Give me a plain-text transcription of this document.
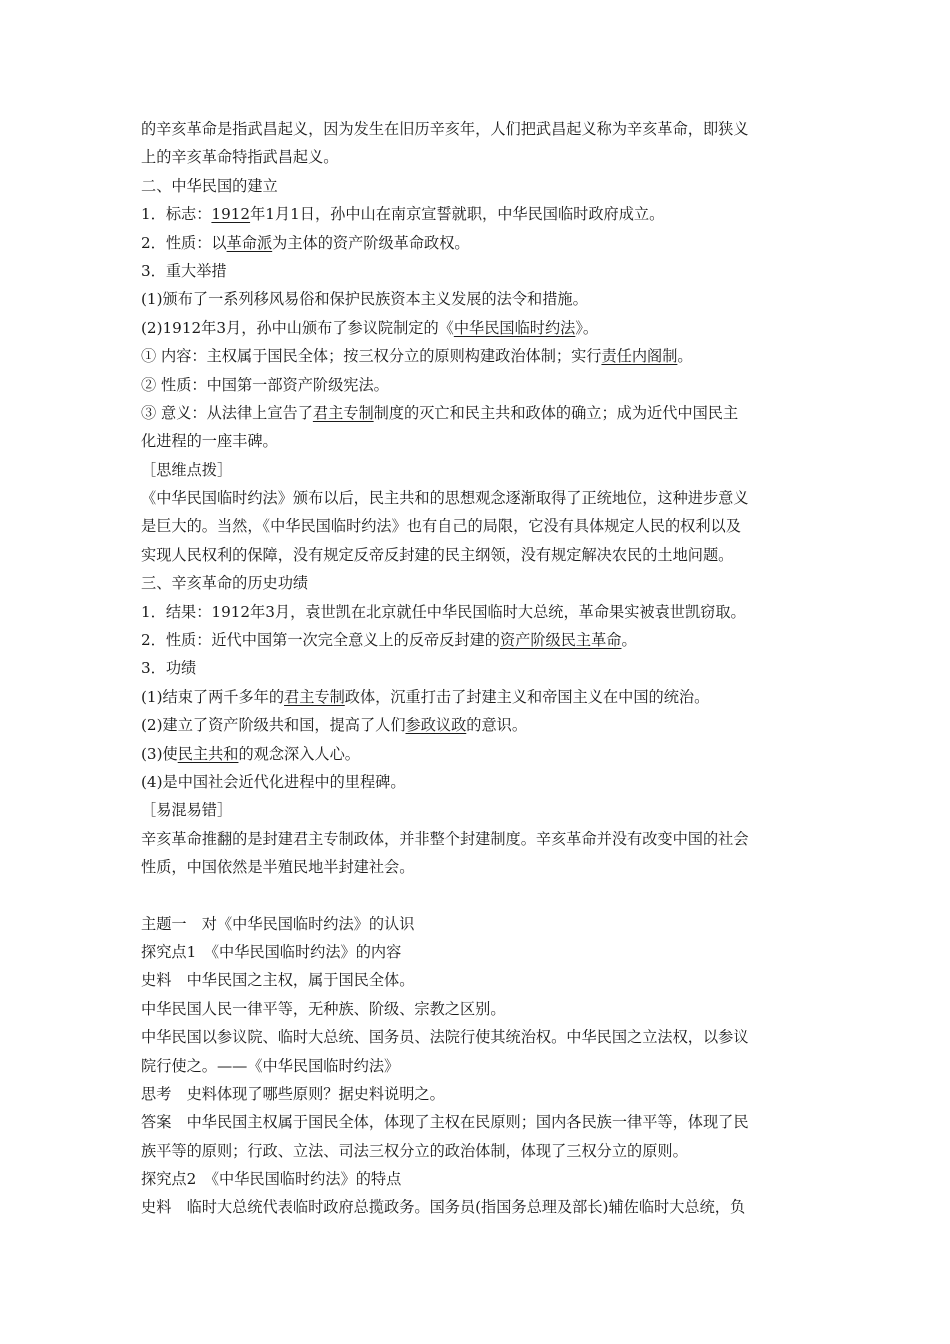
的辛亥革命是指武昌起义，因为发生在旧历辛亥年，人们把武昌起义称为辛亥革命，即狭义
上的辛亥革命特指武昌起义。
二、中华民国的建立
1．标志：1912年1月1日，孙中山在南京宣誓就职，中华民国临时政府成立。
2．性质：以革命派为主体的资产阶级革命政权。
3．重大举措
(1)颁布了一系列移风易俗和保护民族资本主义发展的法令和措施。
(2)1912年3月，孙中山颁布了参议院制定的《中华民国临时约法》。
① 内容：主权属于国民全体；按三权分立的原则构建政治体制；实行责任内阁制。
② 性质：中国第一部资产阶级宪法。
③ 意义：从法律上宣告了君主专制制度的灭亡和民主共和政体的确立；成为近代中国民主
化进程的一座丰碑。
［思维点拨］
《中华民国临时约法》颁布以后，民主共和的思想观念逐渐取得了正统地位，这种进步意义
是巨大的。当然，《中华民国临时约法》也有自己的局限，它没有具体规定人民的权利以及
实现人民权利的保障，没有规定反帝反封建的民主纲领，没有规定解决农民的土地问题。
三、辛亥革命的历史功绩
1．结果：1912年3月，袁世凯在北京就任中华民国临时大总统，革命果实被袁世凯窃取。
2．性质：近代中国第一次完全意义上的反帝反封建的资产阶级民主革命。
3．功绩
(1)结束了两千多年的君主专制政体，沉重打击了封建主义和帝国主义在中国的统治。
(2)建立了资产阶级共和国，提高了人们参政议政的意识。
(3)使民主共和的观念深入人心。
(4)是中国社会近代化进程中的里程碑。
［易混易错］
辛亥革命推翻的是封建君主专制政体，并非整个封建制度。辛亥革命并没有改变中国的社会
性质，中国依然是半殖民地半封建社会。
主题一　对《中华民国临时约法》的认识
探究点1　《中华民国临时约法》的内容
史料　中华民国之主权，属于国民全体。
中华民国人民一律平等，无种族、阶级、宗教之区别。
中华民国以参议院、临时大总统、国务员、法院行使其统治权。中华民国之立法权，以参议
院行使之。——《中华民国临时约法》
思考　史料体现了哪些原则？据史料说明之。
答案　中华民国主权属于国民全体，体现了主权在民原则；国内各民族一律平等，体现了民
族平等的原则；行政、立法、司法三权分立的政治体制，体现了三权分立的原则。
探究点2　《中华民国临时约法》的特点
史料　临时大总统代表临时政府总揽政务。国务员(指国务总理及部长)辅佐临时大总统，负
